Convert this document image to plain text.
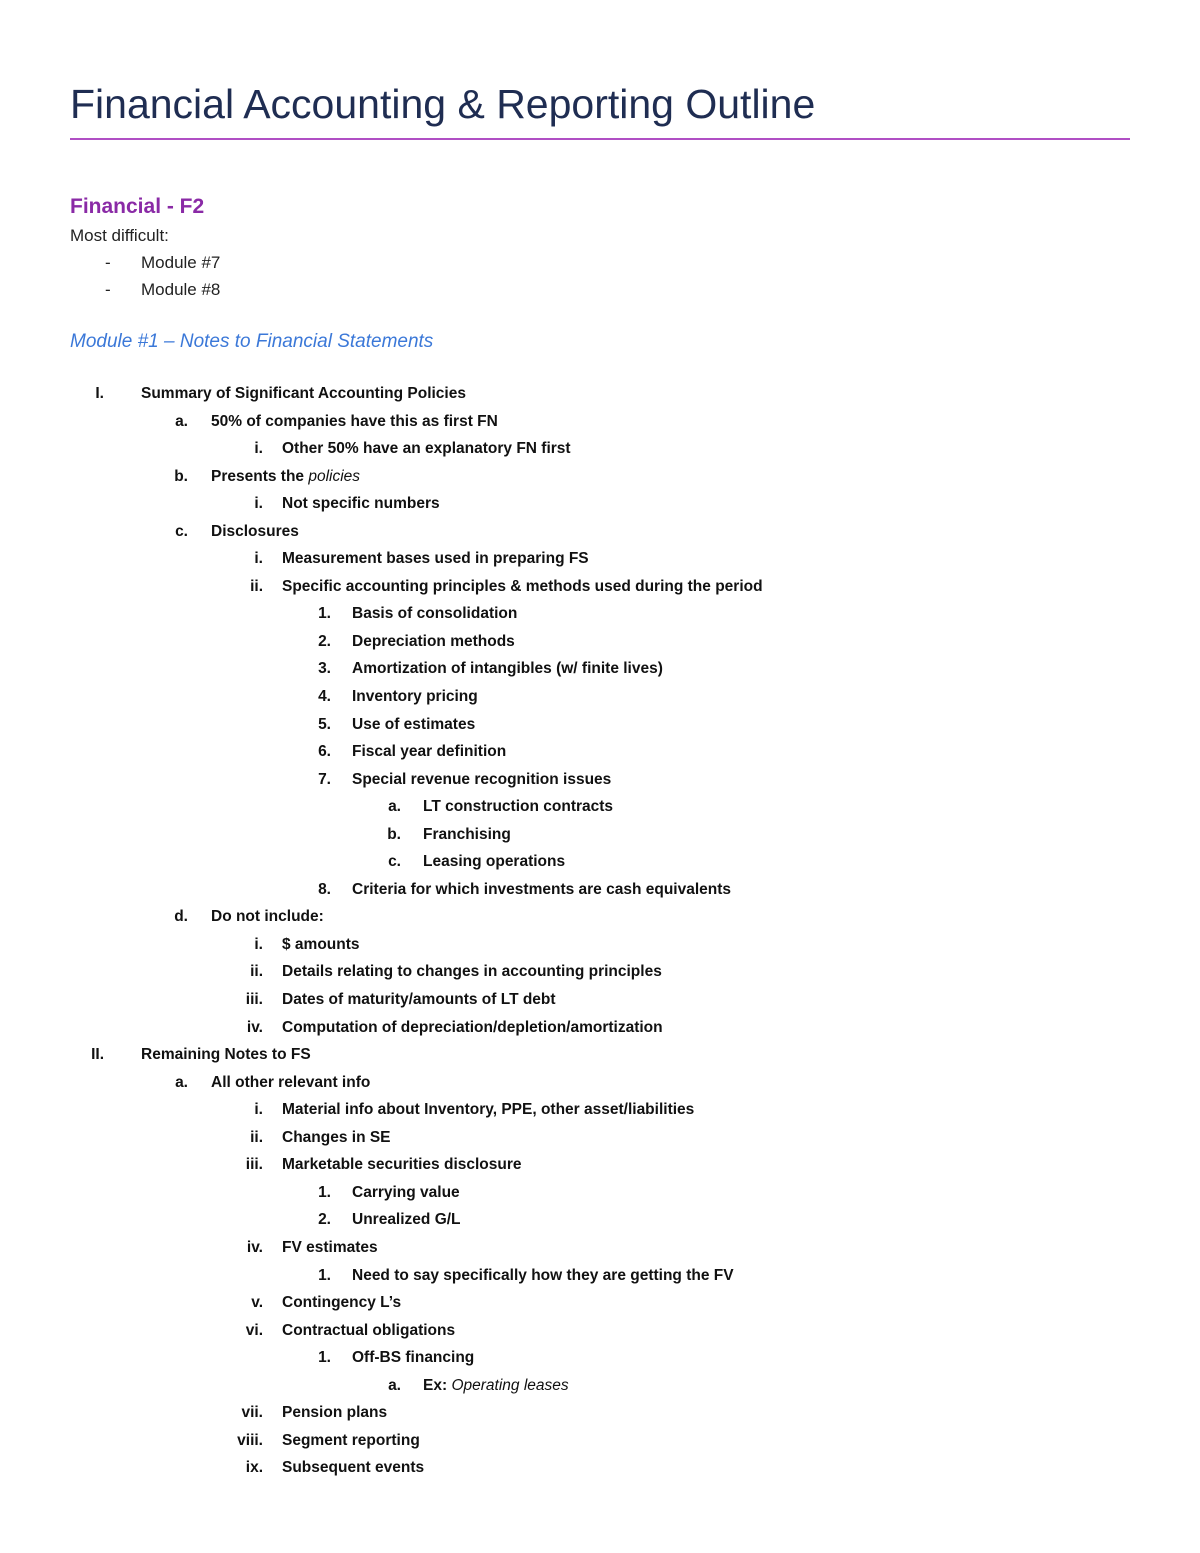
Financial Accounting & Reporting Outline
Financial - F2
Most difficult:
- Module #7
- Module #8
Module #1 – Notes to Financial Statements
I. Summary of Significant Accounting Policies
a. 50% of companies have this as first FN
i. Other 50% have an explanatory FN first
b. Presents the policies
i. Not specific numbers
c. Disclosures
i. Measurement bases used in preparing FS
ii. Specific accounting principles & methods used during the period
1. Basis of consolidation
2. Depreciation methods
3. Amortization of intangibles (w/ finite lives)
4. Inventory pricing
5. Use of estimates
6. Fiscal year definition
7. Special revenue recognition issues
a. LT construction contracts
b. Franchising
c. Leasing operations
8. Criteria for which investments are cash equivalents
d. Do not include:
i. $ amounts
ii. Details relating to changes in accounting principles
iii. Dates of maturity/amounts of LT debt
iv. Computation of depreciation/depletion/amortization
II. Remaining Notes to FS
a. All other relevant info
i. Material info about Inventory, PPE, other asset/liabilities
ii. Changes in SE
iii. Marketable securities disclosure
1. Carrying value
2. Unrealized G/L
iv. FV estimates
1. Need to say specifically how they are getting the FV
v. Contingency L’s
vi. Contractual obligations
1. Off-BS financing
a. Ex: Operating leases
vii. Pension plans
viii. Segment reporting
ix. Subsequent events
